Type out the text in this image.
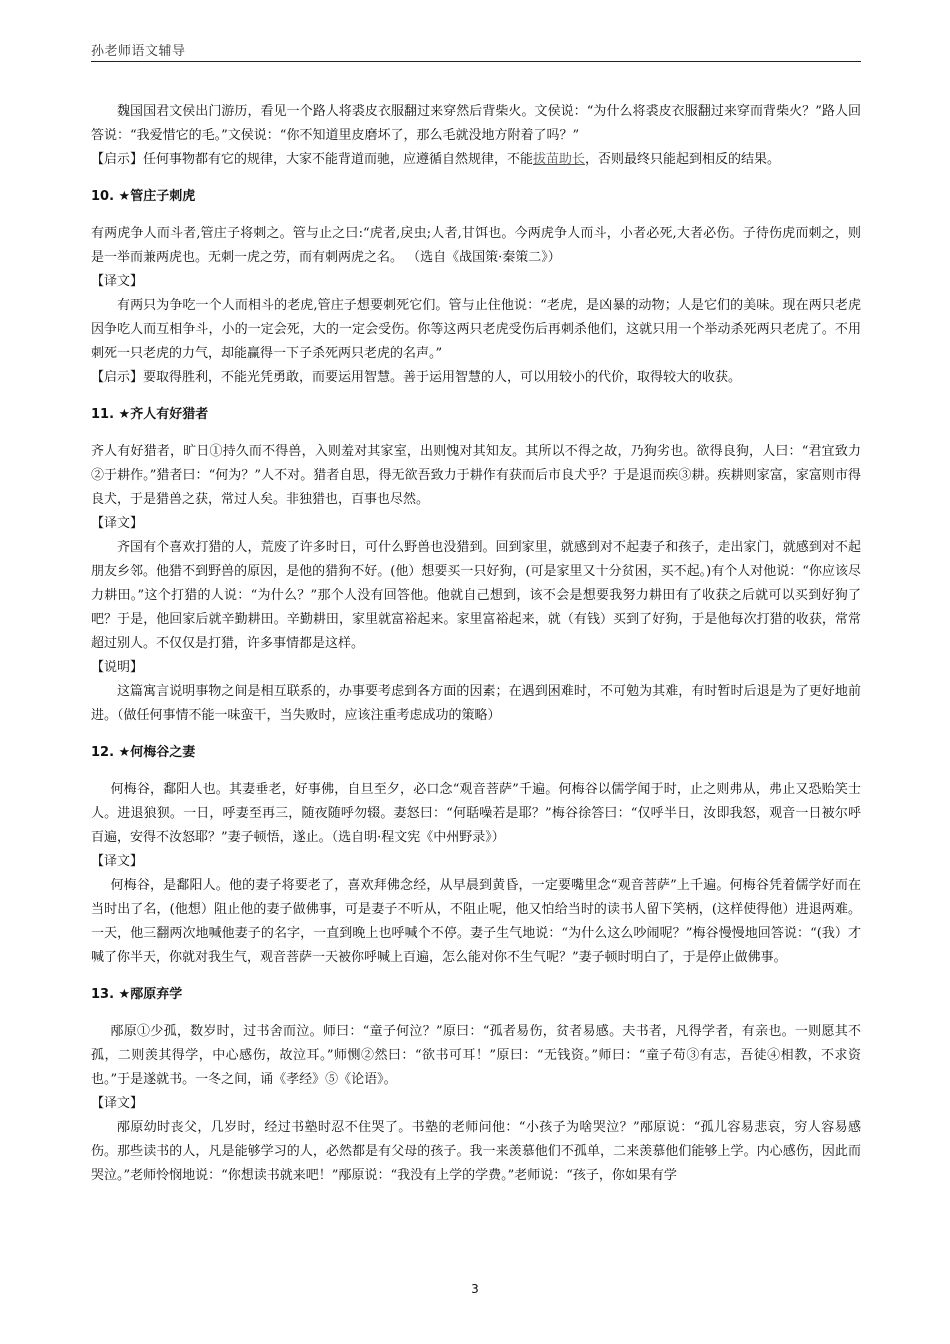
孙老师语文辅导

魏国国君文侯出门游历，看见一个路人将裘皮衣服翻过来穿然后背柴火。文侯说：“为什么将裘皮衣服翻过来穿而背柴火？”路人回答说：“我爱惜它的毛。”文侯说：“你不知道里皮磨坏了，那么毛就没地方附着了吗？”

【启示】任何事物都有它的规律，大家不能背道而驰，应遵循自然规律，不能拔苗助长，否则最终只能起到相反的结果。

10. ★管庄子刺虎

有两虎争人而斗者,管庄子将刺之。管与止之曰:“虎者,戾虫;人者,甘饵也。今两虎争人而斗，小者必死,大者必伤。子待伤虎而刺之，则是一举而兼两虎也。无刺一虎之劳，而有刺两虎之名。 （选自《战国策·秦策二》）

【译文】

有两只为争吃一个人而相斗的老虎,管庄子想要刺死它们。管与止住他说：“老虎，是凶暴的动物；人是它们的美味。现在两只老虎因争吃人而互相争斗，小的一定会死，大的一定会受伤。你等这两只老虎受伤后再刺杀他们，这就只用一个举动杀死两只老虎了。不用刺死一只老虎的力气，却能赢得一下子杀死两只老虎的名声。”

【启示】要取得胜利，不能光凭勇敢，而要运用智慧。善于运用智慧的人，可以用较小的代价，取得较大的收获。

11. ★齐人有好猎者

齐人有好猎者，旷日①持久而不得兽，入则羞对其家室，出则愧对其知友。其所以不得之故，乃狗劣也。欲得良狗，人曰：“君宜致力②于耕作。”猎者曰：“何为？”人不对。猎者自思，得无欲吾致力于耕作有获而后市良犬乎？于是退而疾③耕。疾耕则家富，家富则市得良犬，于是猎兽之获，常过人矣。非独猎也，百事也尽然。

【译文】

齐国有个喜欢打猎的人，荒废了许多时日，可什么野兽也没猎到。回到家里，就感到对不起妻子和孩子，走出家门，就感到对不起朋友乡邻。他猎不到野兽的原因，是他的猎狗不好。(他）想要买一只好狗，(可是家里又十分贫困，买不起。)有个人对他说：“你应该尽力耕田。”这个打猎的人说：“为什么？”那个人没有回答他。他就自己想到，该不会是想要我努力耕田有了收获之后就可以买到好狗了吧？于是，他回家后就辛勤耕田。辛勤耕田，家里就富裕起来。家里富裕起来，就（有钱）买到了好狗，于是他每次打猎的收获，常常超过别人。不仅仅是打猎，许多事情都是这样。

【说明】

这篇寓言说明事物之间是相互联系的，办事要考虑到各方面的因素；在遇到困难时，不可勉为其难，有时暂时后退是为了更好地前进。（做任何事情不能一味蛮干，当失败时，应该注重考虑成功的策略）

12. ★何梅谷之妻

何梅谷，鄱阳人也。其妻垂老，好事佛，自旦至夕，必口念“观音菩萨”千遍。何梅谷以儒学闻于时，止之则弗从，弗止又恐贻笑士人。进退狼狈。一日，呼妻至再三，随夜随呼勿辍。妻怒曰：“何聒噪若是耶？”梅谷徐答曰：“仅呼半日，汝即我怒，观音一日被尔呼百遍，安得不汝怒耶？”妻子顿悟，遂止。（选自明·程文宪《中州野录》）

【译文】

何梅谷，是鄱阳人。他的妻子将要老了，喜欢拜佛念经，从早晨到黄昏，一定要嘴里念“观音菩萨”上千遍。何梅谷凭着儒学好而在当时出了名，(他想）阻止他的妻子做佛事，可是妻子不听从，不阻止呢，他又怕给当时的读书人留下笑柄，(这样使得他）进退两难。一天，他三翻两次地喊他妻子的名字，一直到晚上也呼喊个不停。妻子生气地说：“为什么这么吵闹呢？”梅谷慢慢地回答说：“(我）才喊了你半天，你就对我生气，观音菩萨一天被你呼喊上百遍，怎么能对你不生气呢？”妻子顿时明白了，于是停止做佛事。

13. ★邴原弃学

邴原①少孤，数岁时，过书舍而泣。师曰：“童子何泣？”原曰：“孤者易伤，贫者易感。夫书者，凡得学者，有亲也。一则愿其不孤，二则羡其得学，中心感伤，故泣耳。”师恻②然曰：“欲书可耳！”原曰：“无钱资。”师曰：“童子苟③有志，吾徒④相教，不求资也。”于是遂就书。一冬之间，诵《孝经》⑤《论语》。

【译文】

邴原幼时丧父，几岁时，经过书塾时忍不住哭了。书塾的老师问他：“小孩子为啥哭泣？”邴原说：“孤儿容易悲哀，穷人容易感伤。那些读书的人，凡是能够学习的人，必然都是有父母的孩子。我一来羡慕他们不孤单，二来羡慕他们能够上学。内心感伤，因此而哭泣。”老师怜悯地说：“你想读书就来吧！”邴原说：“我没有上学的学费。”老师说：“孩子，你如果有学

3
